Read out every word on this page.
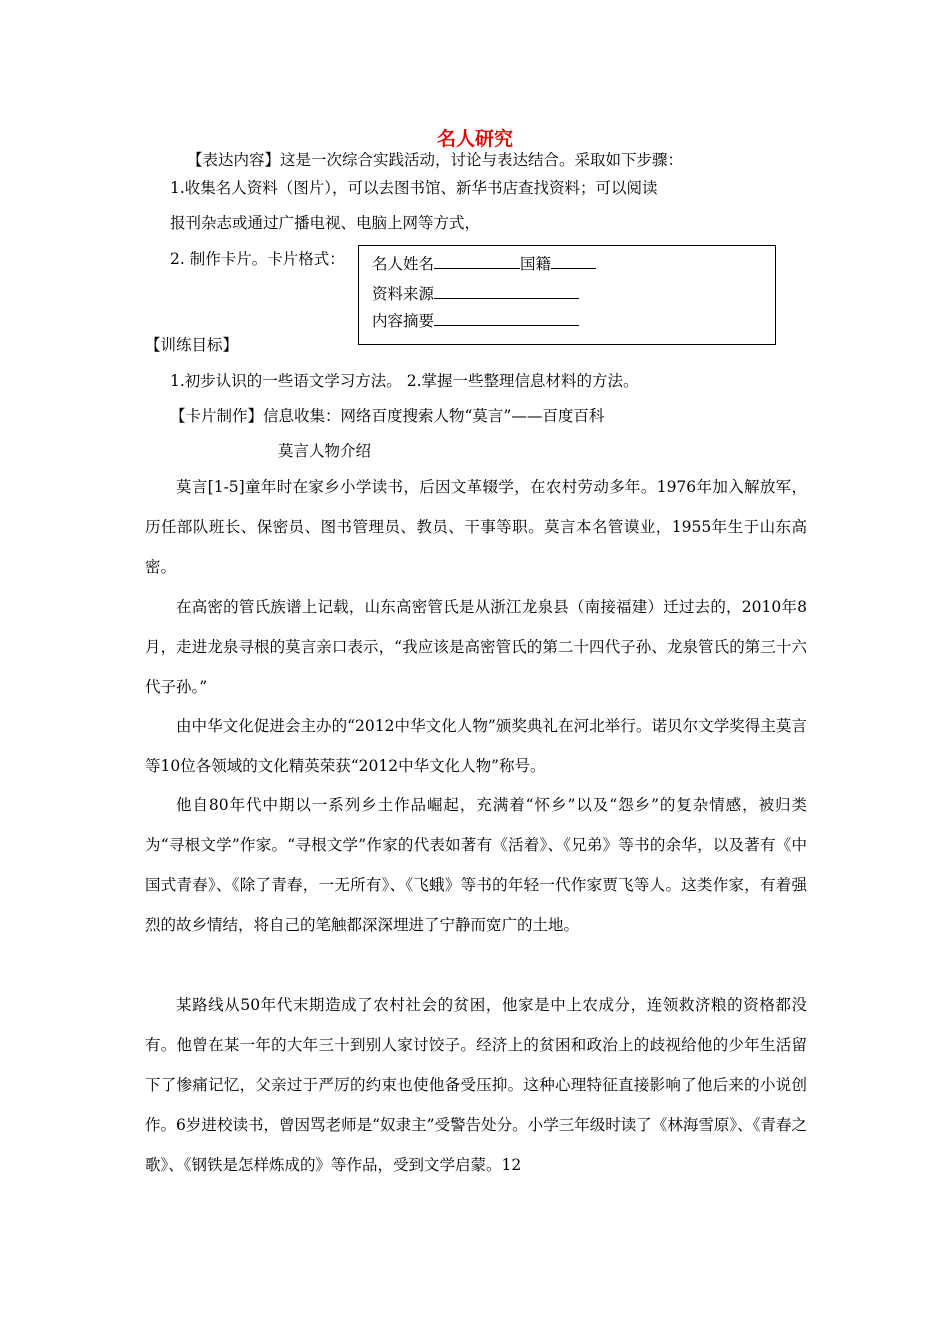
名人研究
【表达内容】这是一次综合实践活动，讨论与表达结合。采取如下步骤：
1.收集名人资料（图片），可以去图书馆、新华书店查找资料；可以阅读
报刊杂志或通过广播电视、电脑上网等方式，
2. 制作卡片。卡片格式： 名人姓名	国籍
资料来源
内容摘要
【训练目标】
1.初步认识的一些语文学习方法。 2.掌握一些整理信息材料的方法。
【卡片制作】信息收集：网络百度搜索人物“莫言”——百度百科
莫言人物介绍

莫言[1-5]童年时在家乡小学读书，后因文革辍学，在农村劳动多年。1976年加入解放军，历任部队班长、保密员、图书管理员、教员、干事等职。莫言本名管谟业，1955年生于山东高密。

在高密的管氏族谱上记载，山东高密管氏是从浙江龙泉县（南接福建）迁过去的，2010年8月，走进龙泉寻根的莫言亲口表示，“我应该是高密管氏的第二十四代子孙、龙泉管氏的第三十六代子孙。”

由中华文化促进会主办的“2012中华文化人物”颁奖典礼在河北举行。诺贝尔文学奖得主莫言等10位各领域的文化精英荣获“2012中华文化人物”称号。

他自80年代中期以一系列乡土作品崛起，充满着“怀乡”以及“怨乡”的复杂情感，被归类为“寻根文学”作家。“寻根文学”作家的代表如著有《活着》、《兄弟》等书的余华，以及著有《中国式青春》、《除了青春，一无所有》、《飞蛾》等书的年轻一代作家贾飞等人。这类作家，有着强烈的故乡情结，将自己的笔触都深深埋进了宁静而宽广的土地。

某路线从50年代末期造成了农村社会的贫困，他家是中上农成分，连领救济粮的资格都没有。他曾在某一年的大年三十到别人家讨饺子。经济上的贫困和政治上的歧视给他的少年生活留下了惨痛记忆，父亲过于严厉的约束也使他备受压抑。这种心理特征直接影响了他后来的小说创作。6岁进校读书，曾因骂老师是“奴隶主”受警告处分。小学三年级时读了《林海雪原》、《青春之歌》、《钢铁是怎样炼成的》等作品，受到文学启蒙。12
